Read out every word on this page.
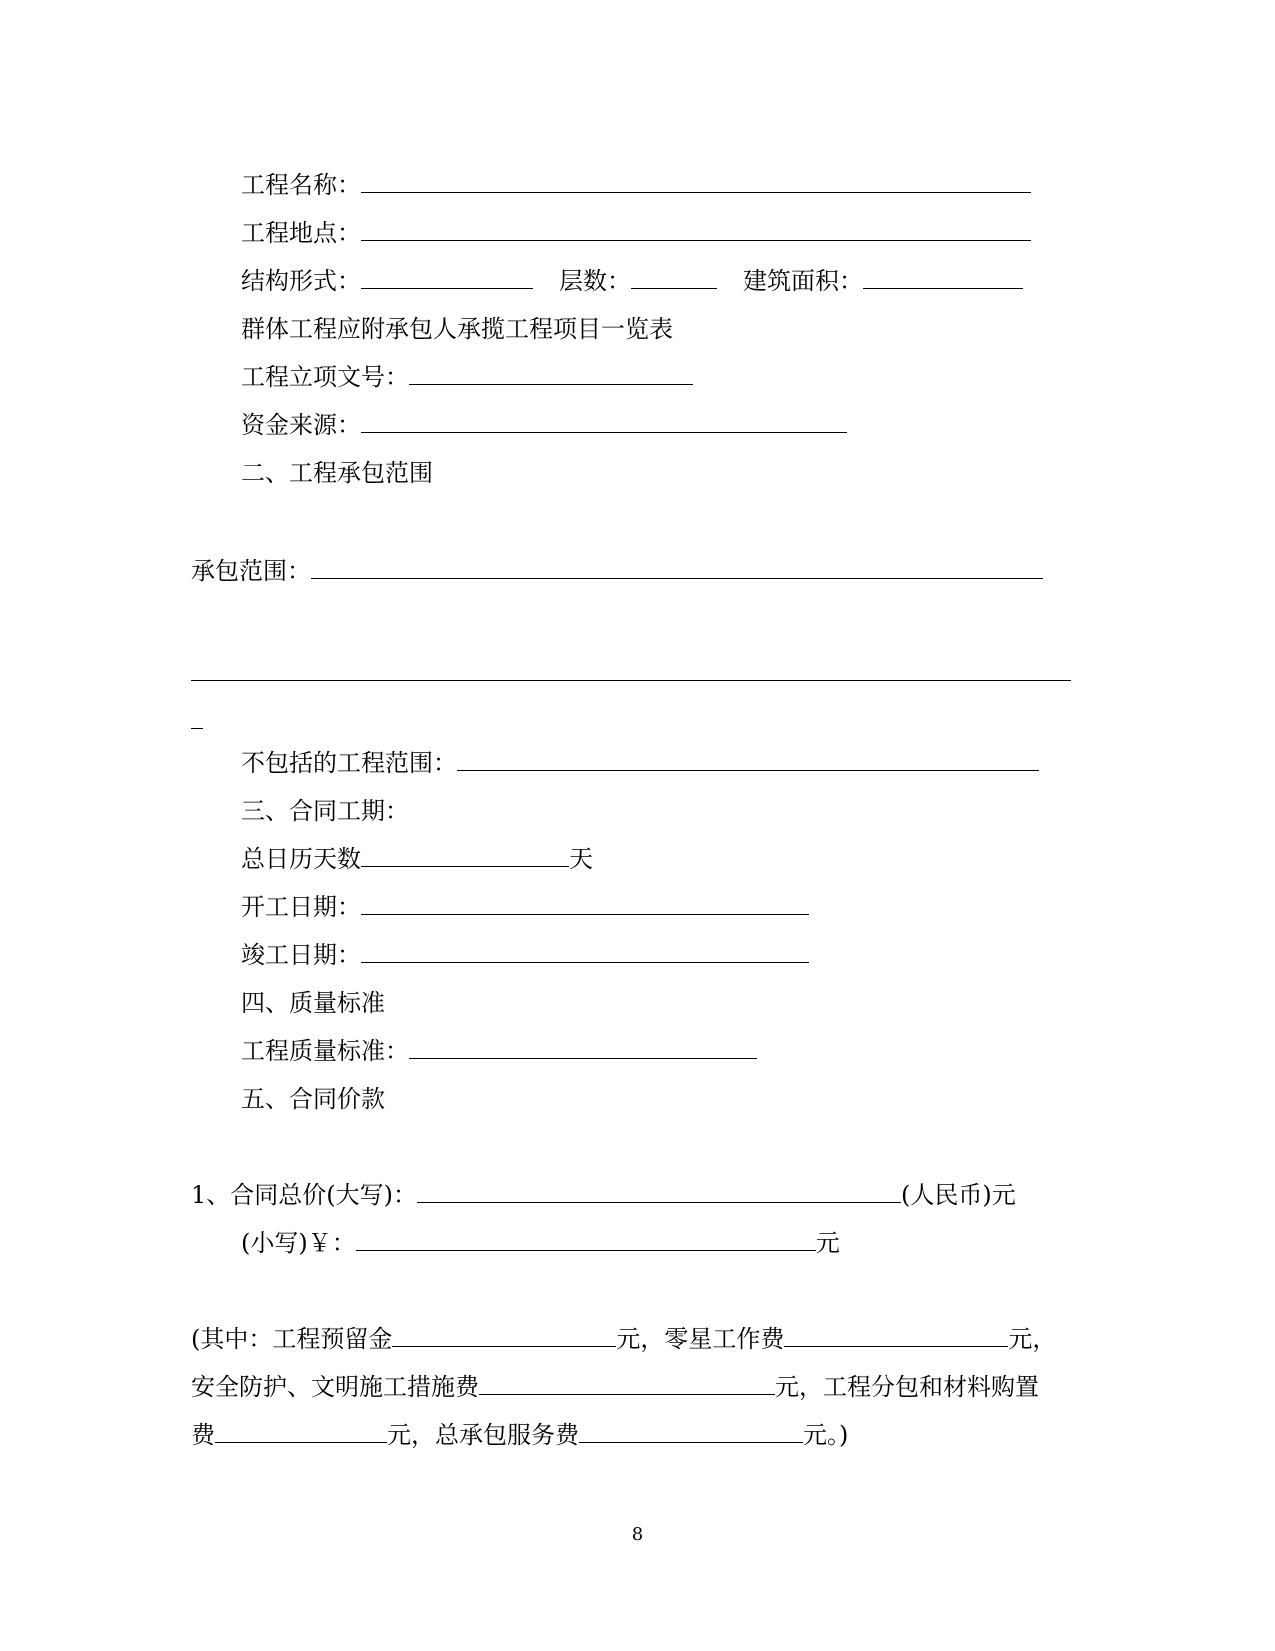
工程名称：
工程地点：
结构形式：	层数：	建筑面积：
群体工程应附承包人承揽工程项目一览表
工程立项文号：
资金来源：
二、工程承包范围
承包范围：
不包括的工程范围：
三、合同工期：
总日历天数	天
开工日期：
竣工日期：
四、质量标准
工程质量标准：
五、合同价款
1、合同总价(大写)：	(人民币)元
(小写)￥：	元
(其中：工程预留金	元，零星工作费	元，
安全防护、文明施工措施费	元，工程分包和材料购置
费	元，总承包服务费	元。)
8
